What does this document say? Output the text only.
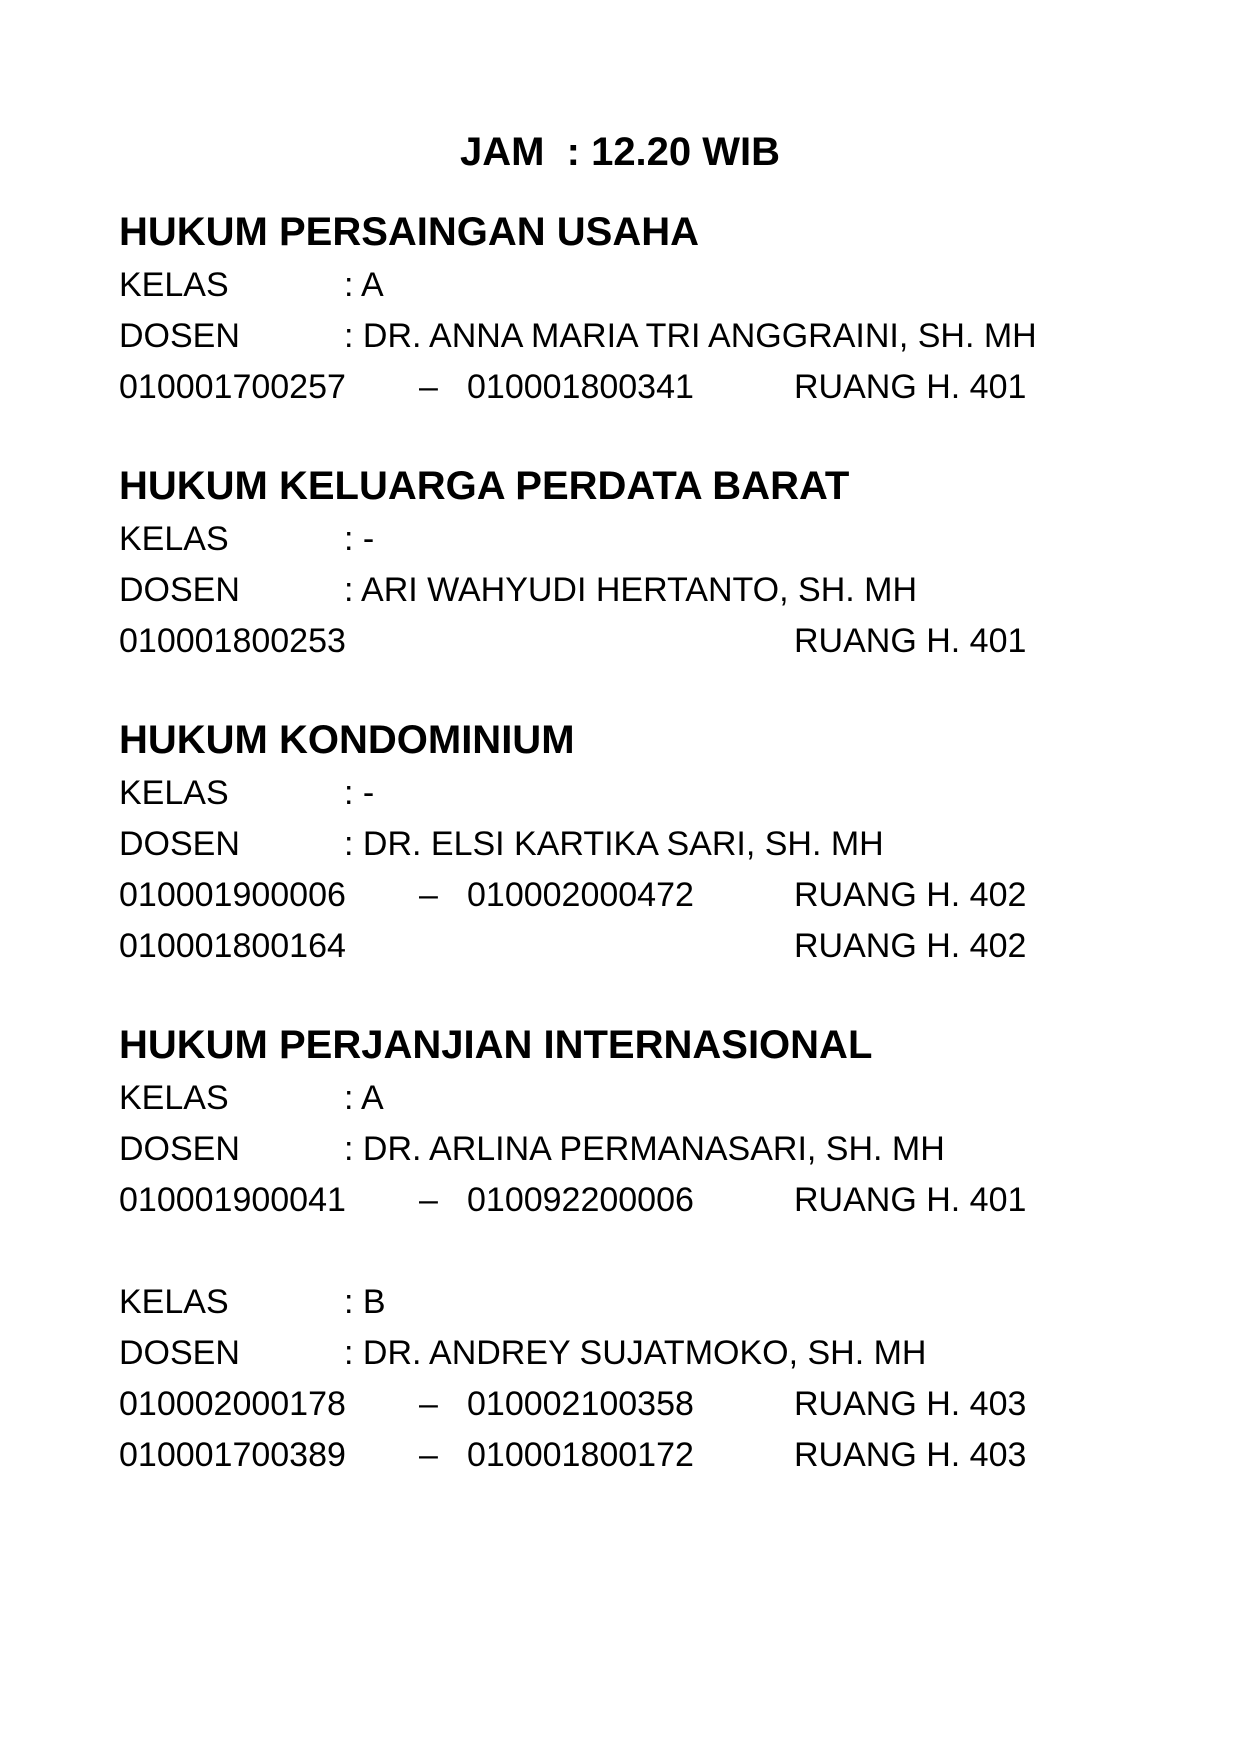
JAM  : 12.20 WIB
HUKUM PERSAINGAN USAHA
KELAS	: A
DOSEN	: DR. ANNA MARIA TRI ANGGRAINI, SH. MH
010001700257 – 010001800341	RUANG H. 401
HUKUM KELUARGA PERDATA BARAT
KELAS	: -
DOSEN	: ARI WAHYUDI HERTANTO, SH. MH
010001800253	RUANG H. 401
HUKUM KONDOMINIUM
KELAS	: -
DOSEN	: DR. ELSI KARTIKA SARI, SH. MH
010001900006 – 010002000472	RUANG H. 402
010001800164	RUANG H. 402
HUKUM PERJANJIAN INTERNASIONAL
KELAS	: A
DOSEN	: DR. ARLINA PERMANASARI, SH. MH
010001900041 – 010092200006	RUANG H. 401
KELAS	: B
DOSEN	: DR. ANDREY SUJATMOKO, SH. MH
010002000178 – 010002100358	RUANG H. 403
010001700389 – 010001800172	RUANG H. 403
